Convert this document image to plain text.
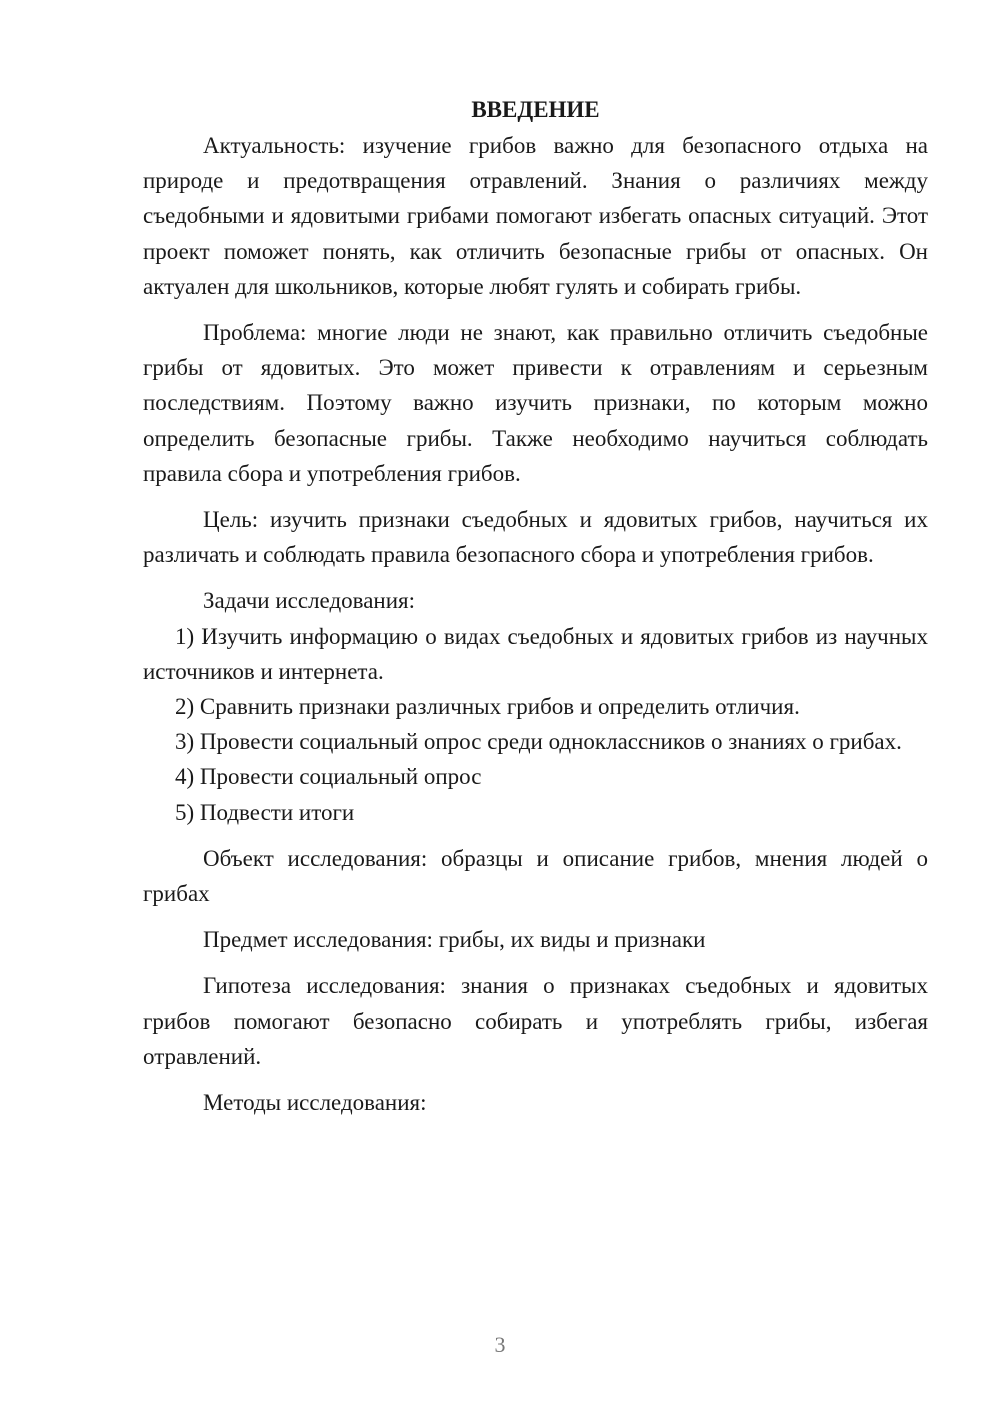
ВВЕДЕНИЕ

Актуальность: изучение грибов важно для безопасного отдыха на природе и предотвращения отравлений. Знания о различиях между съедобными и ядовитыми грибами помогают избегать опасных ситуаций. Этот проект поможет понять, как отличить безопасные грибы от опасных. Он актуален для школьников, которые любят гулять и собирать грибы.

Проблема: многие люди не знают, как правильно отличить съедобные грибы от ядовитых. Это может привести к отравлениям и серьезным последствиям. Поэтому важно изучить признаки, по которым можно определить безопасные грибы. Также необходимо научиться соблюдать правила сбора и употребления грибов.

Цель: изучить признаки съедобных и ядовитых грибов, научиться их различать и соблюдать правила безопасного сбора и употребления грибов.

Задачи исследования:

1) Изучить информацию о видах съедобных и ядовитых грибов из научных источников и интернета.

2) Сравнить признаки различных грибов и определить отличия.

3) Провести социальный опрос среди одноклассников о знаниях о грибах.

4) Провести социальный опрос

5) Подвести итоги

Объект исследования: образцы и описание грибов, мнения людей о грибах

Предмет исследования: грибы, их виды и признаки

Гипотеза исследования: знания о признаках съедобных и ядовитых грибов помогают безопасно собирать и употреблять грибы, избегая отравлений.

Методы исследования:

3
